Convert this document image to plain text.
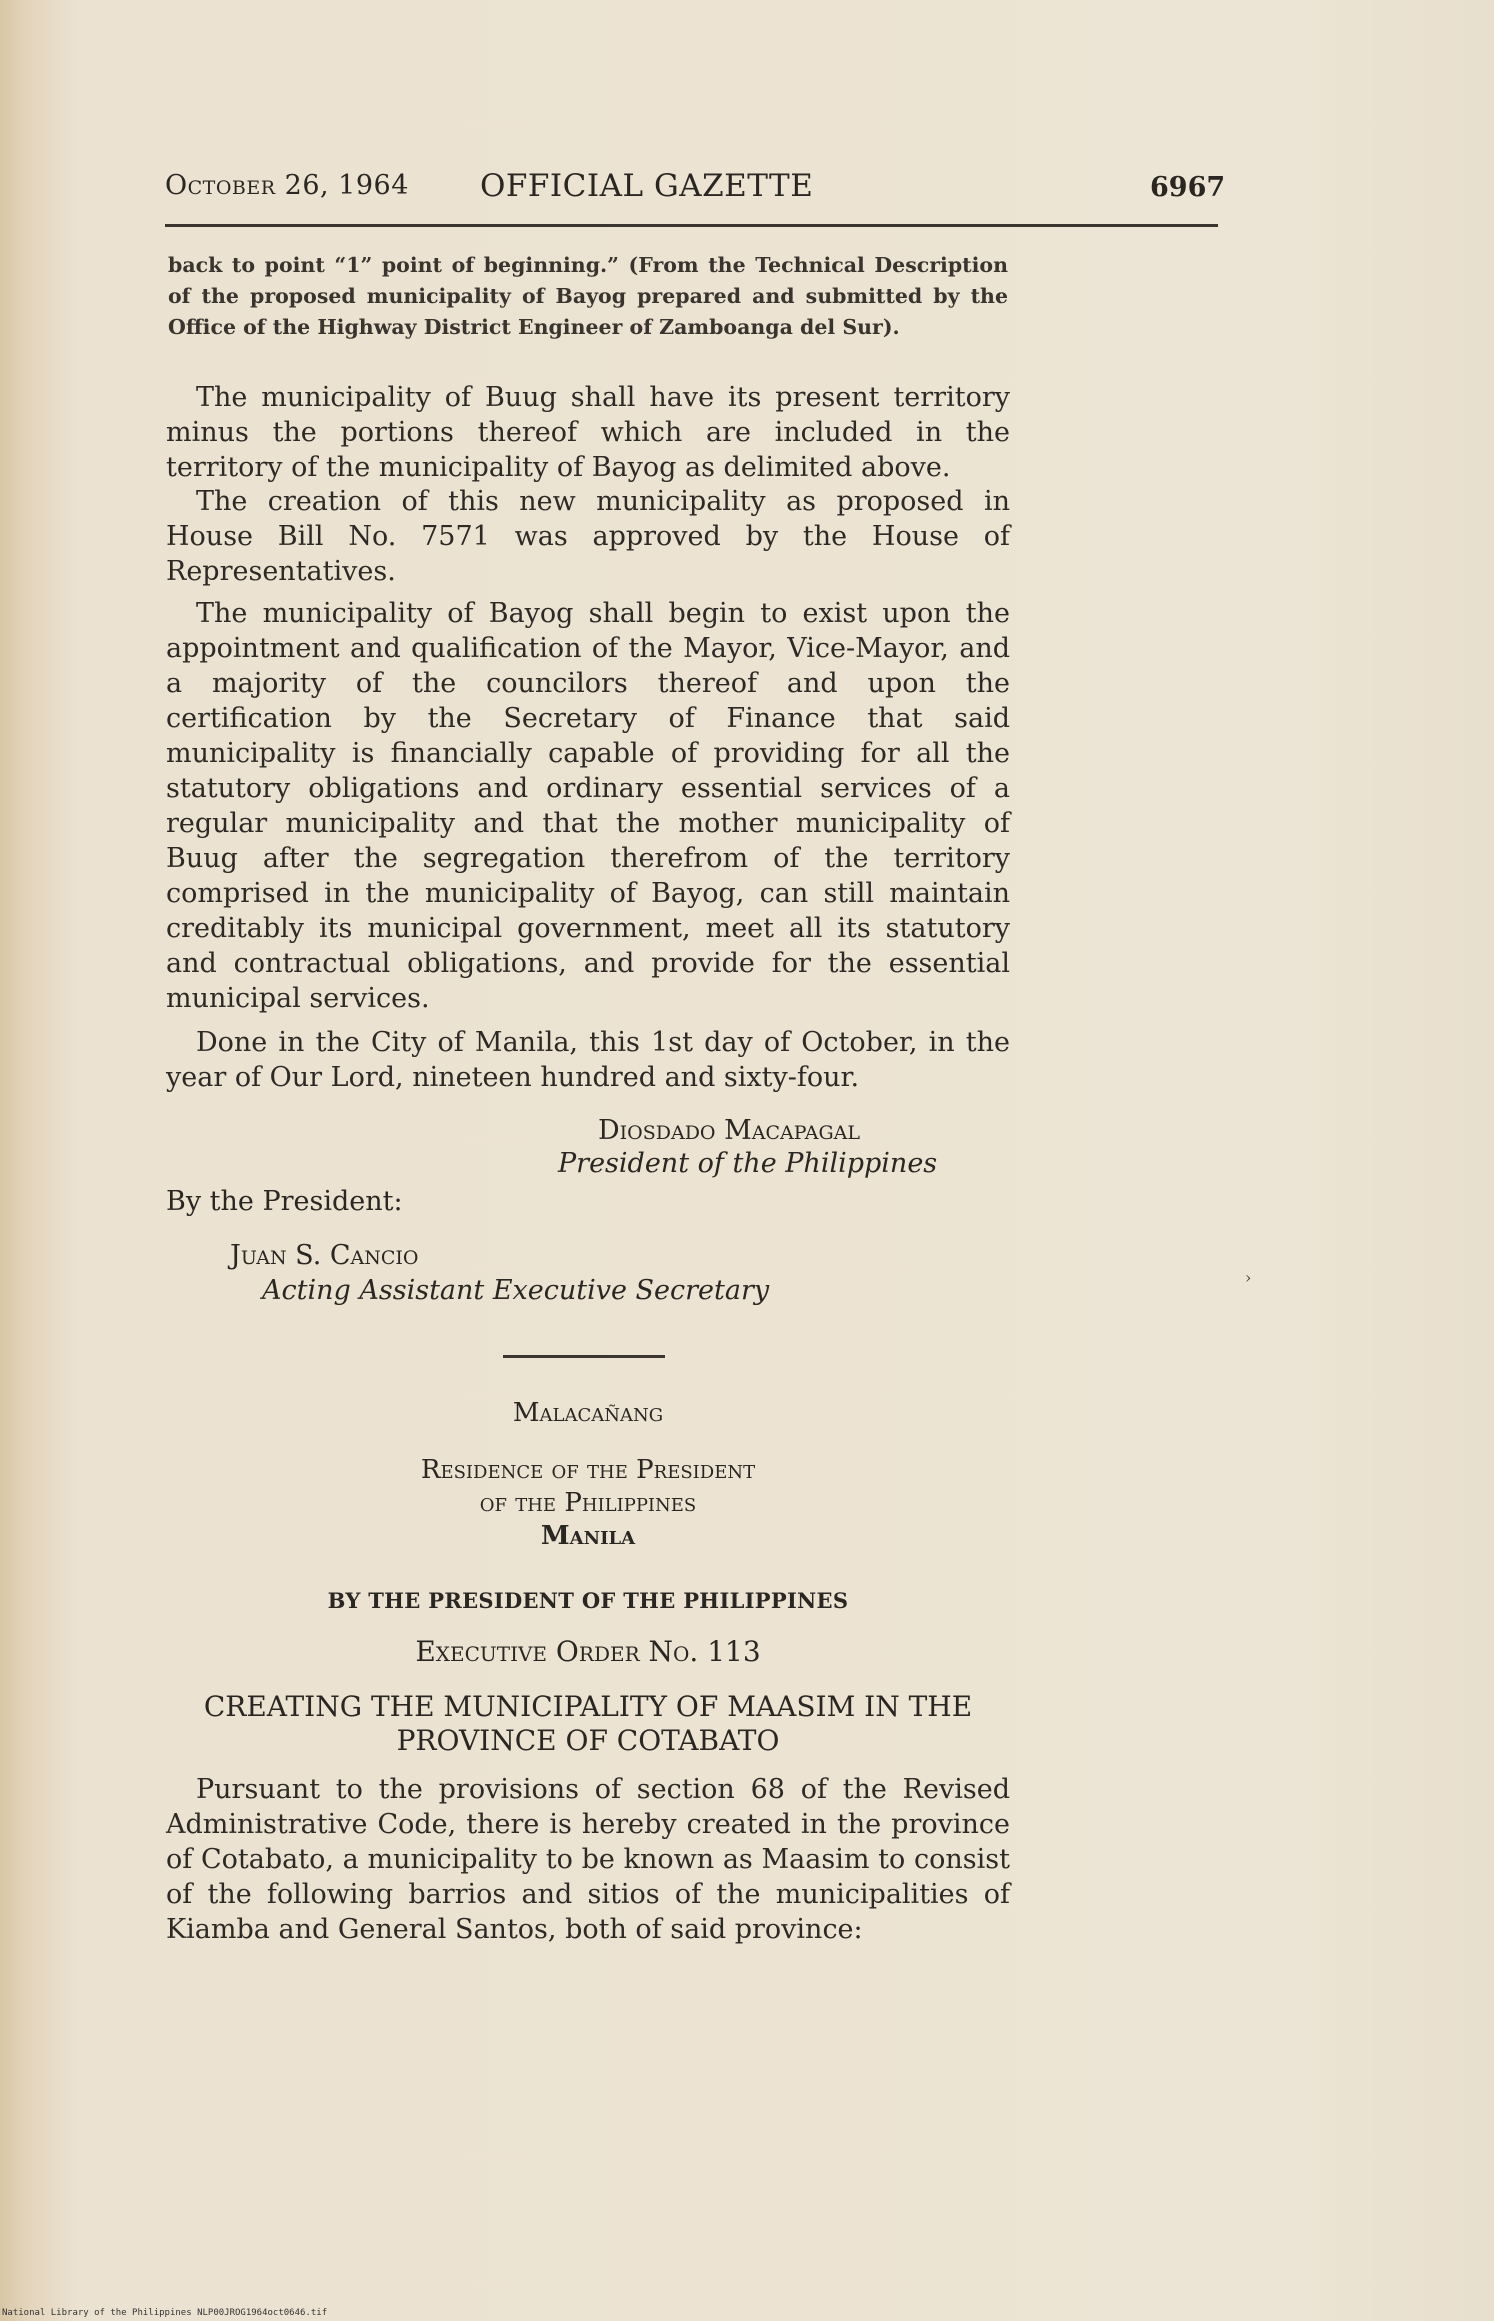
October 26, 1964 OFFICIAL GAZETTE	6967
back to point “1” point of beginning.” (From the Technical Description of the proposed municipality of Bayog prepared and submitted by the Office of the Highway District Engineer of Zamboanga del Sur).
The municipality of Buug shall have its present territory minus the portions thereof which are included in the territory of the municipality of Bayog as delimited above.
The creation of this new municipality as proposed in House Bill No. 7571 was approved by the House of Representatives.
The municipality of Bayog shall begin to exist upon the appointment and qualification of the Mayor, Vice-Mayor, and a majority of the councilors thereof and upon the certification by the Secretary of Finance that said municipality is financially capable of providing for all the statutory obligations and ordinary essential services of a regular municipality and that the mother municipality of Buug after the segregation therefrom of the territory comprised in the municipality of Bayog, can still maintain creditably its municipal government, meet all its statutory and contractual obligations, and provide for the essential municipal services.
Done in the City of Manila, this 1st day of October, in the year of Our Lord, nineteen hundred and sixty-four.
Diosdado Macapagal
President of the Philippines
By the President:
Juan S. Cancio
Acting Assistant Executive Secretary	›
Malacañang
Residence of the President
of the Philippines
Manila
BY THE PRESIDENT OF THE PHILIPPINES
Executive Order No. 113
CREATING THE MUNICIPALITY OF MAASIM IN THE
PROVINCE OF COTABATO
Pursuant to the provisions of section 68 of the Revised Administrative Code, there is hereby created in the province of Cotabato, a municipality to be known as Maasim to consist of the following barrios and sitios of the municipalities of Kiamba and General Santos, both of said province:
National Library of the Philippines NLP00JROG1964oct0646.tif
